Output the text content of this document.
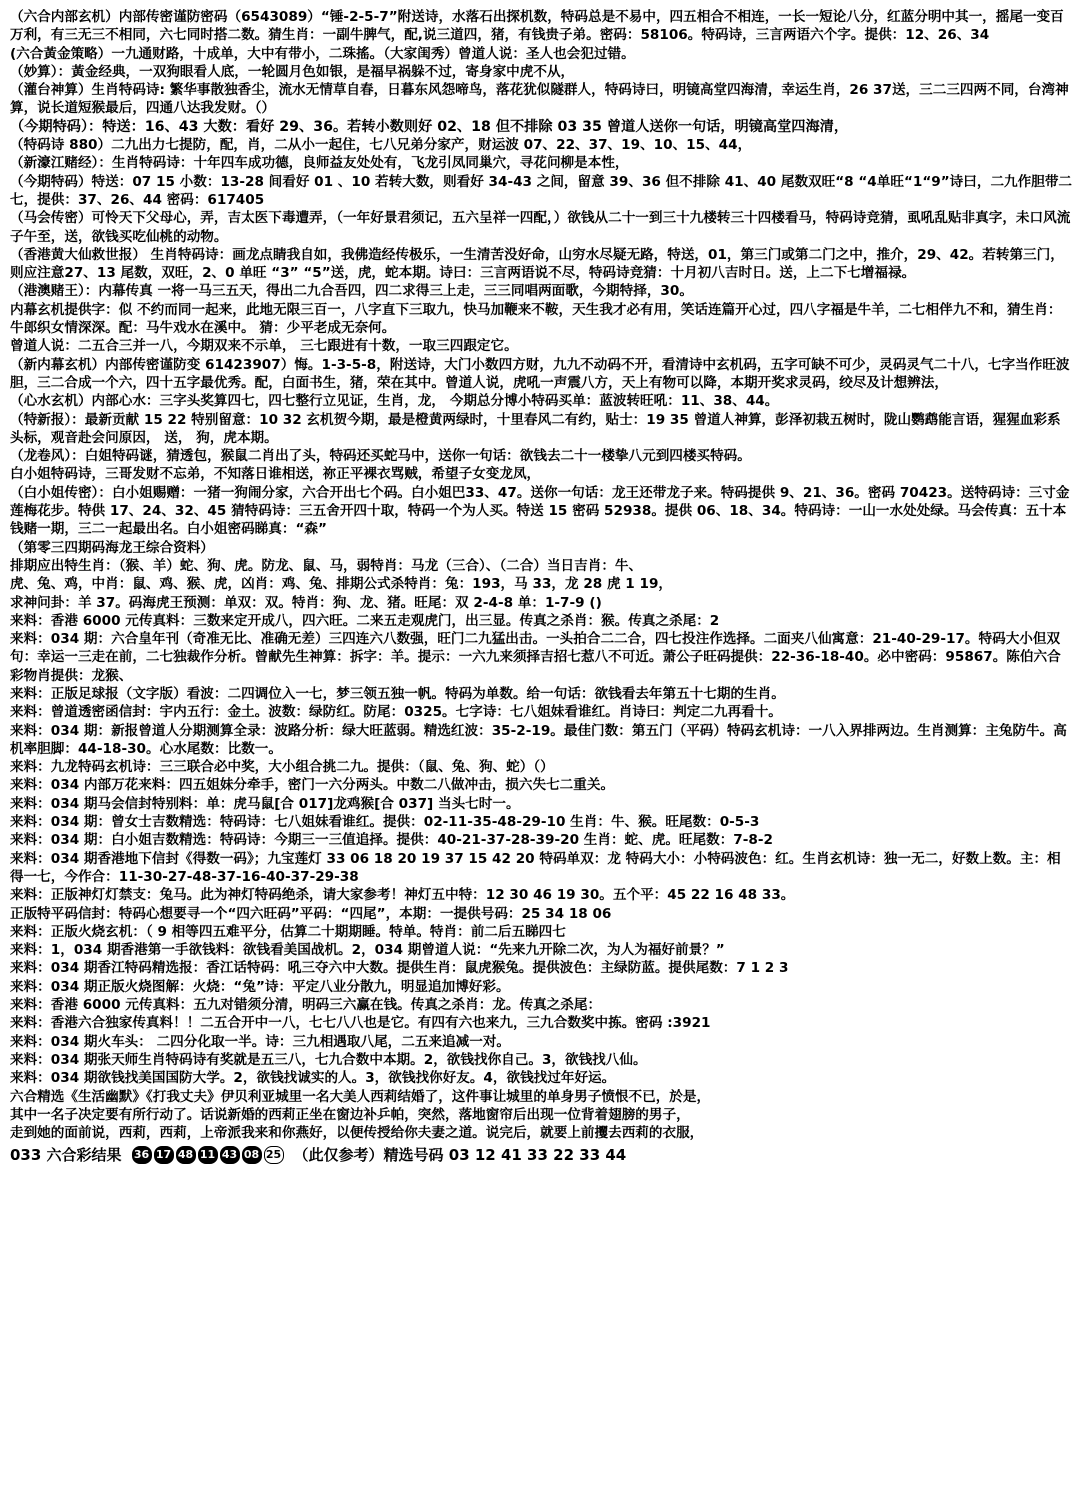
（六合内部玄机）内部传密谨防密码（6543089）“锤-2-5-7”附送诗，水落石出探机数，特码总是不易中，四五相合不相连，一长一短论八分，红蓝分明中其一，摇尾一变百万利，有三无三不相同，六七同时搭二数。猜生肖：一副牛脾气，配,说三道四，猪，有钱贵子弟。密码：58106。特码诗，三言两语六个字。提供：12、26、34

(六合黃金策略）一九通财路，十成单，大中有带小，二珠搖。（大家闺秀）曾道人说：圣人也会犯过错。

（妙算）：黃金经典，一双狗眼看人底，一轮圆月色如银，是福早祸躲不过，寄身家中虎不从，

（灌台神算）生肖特码诗: 繁华事散独香尘，流水无情草自春，日暮东风怨啼鸟，落花犹似隧群人，特码诗曰，明镜高堂四海清，幸运生肖，26 37送，三二三四两不同，台湾神算，说长道短猴最后，四通八达我发财。（）

（今期特码）：特送：16、43 大数：看好 29、36。若转小数则好 02、18 但不排除 03 35 曾道人送你一句话，明镜高堂四海清，

（特码诗 880）二九出力七提防，配，肖，二从小一起住，七八兄弟分家产，财运波 07、22、37、19、10、15、44，

（新濠江赌经）：生肖特码诗：十年四车成功德，良师益友处处有，飞龙引凤同巢穴，寻花问柳是本性，

（今期特码）特送：07 15 小数：13-28 间看好 01 、10 若转大数，则看好 34-43 之间，留意 39、36 但不排除 41、40 尾数双旺“8 “4单旺“1“9”诗曰，二九作胆带二七，提供：37、26、44 密码：617405

（马会传密）可怜天下父母心，弄，吉太医下毒遭弄，（一年好景君须记，五六呈祥一四配，）欲钱从二十一到三十九楼转三十四楼看马，特码诗竞猜，虱吼乱贴非真字，未口风流子午至，送，欲钱买吃仙桃的动物。

（香港黄大仙救世报） 生肖特码诗：画龙点睛我自如，我佛造经传极乐，一生清苦没好命，山穷水尽疑无路，特送，01，第三门或第二门之中，推介，29、42。若转第三门，则应注意27、13 尾数，双旺，2、0 单旺 “3” “5”送，虎，蛇本期。诗曰：三言两语说不尽，特码诗竞猜：十月初八吉时日。送，上二下七增福禄。

（港澳赌王）：内幕传真 一将一马三五天，得出二九合吾四，四二求得三上走，三三同唱两面歌，今期特择，30。

内幕玄机提供字：似 不约而同一起来，此地无限三百一，八字直下三取九，快马加鞭来不鞍，天生我才必有用，笑话连篇开心过，四八字福是牛羊，二七相伴九不和，猜生肖：牛郎织女情深深。配：马牛戏水在溪中。 猜：少平老成无奈何。

曾道人说：二五合三并一八，今期双来不示单， 三七跟进有十数，一取三四跟定它。

（新内幕玄机）内部传密谨防变 61423907）悔。1-3-5-8，附送诗，大门小数四方财，九九不动码不开，看清诗中玄机码，五字可缺不可少，灵码灵气二十八，七字当作旺波胆，三二合成一个六，四十五字最优秀。配，白面书生，猪，荣在其中。曾道人说，虎吼一声震八方，天上有物可以降，本期开奖求灵码，绞尽及计想辨法，

（心水玄机）内部心水：三字头奖算四七，四七整行立见证，生肖，龙， 今期总分博小特码买单：蓝波转旺吼：11、38、44。

（特新报）：最新贡献 15 22 特别留意：10 32 玄机贺今期，最是橙黄两绿时，十里春风二有约，贴士：19 35 曾道人神算，彭泽初栽五树时，陇山鹦鹉能言语，猩猩血彩系头标，观音赴会问原因， 送， 狗，虎本期。

（龙卷风）：白姐特码谜，猜透包，猴鼠二肖出了头，特码还买蛇马中，送你一句话：欲钱去二十一楼挚八元到四楼买特码。

白小姐特码诗，三哥发财不忘弟，不知落日谁相送，祢正平裸衣骂贼，希望子女变龙凤，

（白小姐传密）：白小姐赐赠：一猪一狗闹分家，六合开出七个码。白小姐巴33、47。送你一句话：龙王还带龙子来。特码提供 9、21、36。密码 70423。送特码诗：三寸金莲梅花步。特供 17、24、32、45 猜特码诗：三五舍开四十取，特码一个为人买。特送 15 密码 52938。提供 06、18、34。特码诗：一山一水处处绿。马会传真：五十本钱赌一期，三二一起最出名。白小姐密码睇真：“森”

（第零三四期码海龙王综合资料）

排期应出特生肖：（猴、羊）蛇、狗、虎。防龙、鼠、马，弱特肖：马龙（三合）、（二合）当日吉肖：牛、

虎、兔、鸡，中肖：鼠、鸡、猴、虎，凶肖：鸡、兔、排期公式杀特肖：兔：193，马 33，龙 28 虎 1 19，

求神问卦：羊 37。码海虎王预测：单双：双。特肖：狗、龙、猪。旺尾：双 2-4-8 单：1-7-9 ()

来料：香港 6000 元传真料：三数来定开成八，四六旺。二来五走观虎门，出三显。传真之杀肖：猴。传真之杀尾：2

来料：034 期：六合皇年刊（奇准无比、准确无差）三四连六八数强，旺门二九猛出击。一头拍合二二合，四七投注作选择。二面夹八仙寓意：21-40-29-17。特码大小但双句：幸运一三走在前，二七独裁作分析。曾献先生神算：拆字：羊。提示：一六九来须择吉招七惹八不可近。萧公子旺码提供：22-36-18-40。必中密码：95867。陈伯六合彩物肖提供：龙猴、

来料：正版足球报（文字版）看波：二四调位入一七，梦三领五独一帆。特码为单数。给一句话：欲钱看去年第五十七期的生肖。

来料：曾道透密函信封：宇内五行：金土。波数：绿防红。防尾：0325。七字诗：七八姐妹看谁红。肖诗曰：判定二九再看十。

来料：034 期：新报曾道人分期测算全录：波路分析：绿大旺蓝弱。精选红波：35-2-19。最佳门数：第五门（平码）特码玄机诗：一八入界排两边。生肖测算：主兔防牛。高机率胆脚：44-18-30。心水尾数：比数一。

来料：九龙特码玄机诗：三三联合必中奖，大小组合挑二九。提供：（鼠、兔、狗、蛇）（）

来料：034 内部万花来料：四五姐妹分牵手，密门一六分两头。中数二八做冲击，损六失七二重关。

来料：034 期马会信封特别料：单：虎马鼠[合 017]龙鸡猴[合 037] 当头七时一。

来料：034 期：曾女士吉数精选：特码诗：七八姐妹看谁红。提供：02-11-35-48-29-10 生肖：牛、猴。旺尾数：0-5-3

来料：034 期：白小姐吉数精选：特码诗：今期三一三值追择。提供：40-21-37-28-39-20 生肖：蛇、虎。旺尾数：7-8-2

来料：034 期香港地下信封《得数一码》；九宝莲灯 33 06 18 20 19 37 15 42 20 特码单双：龙 特码大小：小特码波色：红。生肖玄机诗：独一无二，好数上数。主：相得一七，今作合：11-30-27-48-37-16-40-37-29-38

来料：正版神灯灯禁支：兔马。此为神灯特码绝杀，请大家参考！神灯五中特：12 30 46 19 30。五个平：45 22 16 48 33。

正版特平码信封：特码心想要寻一个“四六旺码”平码：“四尾”，本期：一提供号码：25 34 18 06

来料：正版火烧玄机：（ 9 相等四五难平分，估算二十期期睡。特单。特肖：前二后五睇四七

来料：1，034 期香港第一手欲钱料：欲钱看美国战机。2，034 期曾道人说：“先来九开除二次，为人为福好前景？”

来料：034 期香江特码精选报：香江话特码：吼三夺六中大数。提供生肖：鼠虎猴兔。提供波色：主绿防蓝。提供尾数：7 1 2 3

来料：034 期正版火烧图解：火烧：“兔”诗：平定八业分散九，明显追加博好彩。

来料：香港 6000 元传真料：五九对错须分清，明码三六赢在钱。传真之杀肖：龙。传真之杀尾：

来料：香港六合独家传真料！！二五合开中一八，七七八八也是它。有四有六也来九，三九合数奖中拣。密码 :3921

来料：034 期火车头： 二四分化取一半。诗：三九相遇取八尾，二五来追减一对。

来料：034 期张天师生肖特码诗有奖就是五三八，七九合数中本期。2，欲钱找你自己。3，欲钱找八仙。

来料：034 期欲钱找美国国防大学。2，欲钱找诚实的人。3，欲钱找你好友。4，欲钱找过年好运。

六合精选《生活幽默》《打我丈夫》伊贝利亚城里一名大美人西莉结婚了，这件事让城里的单身男子愤恨不已，於是，

其中一名子决定要有所行动了。话说新婚的西莉正坐在窗边补乒帕，突然，落地窗帘后出现一位背着翅膀的男子，

走到她的面前说，西莉，西莉，上帝派我来和你燕好，以便传授给你夫妻之道。说完后，就要上前攫去西莉的衣服，

033 六合彩结果 36 17 48 11 43 08 25 （此仅参考）精选号码 03 12 41 33 22 33 44
